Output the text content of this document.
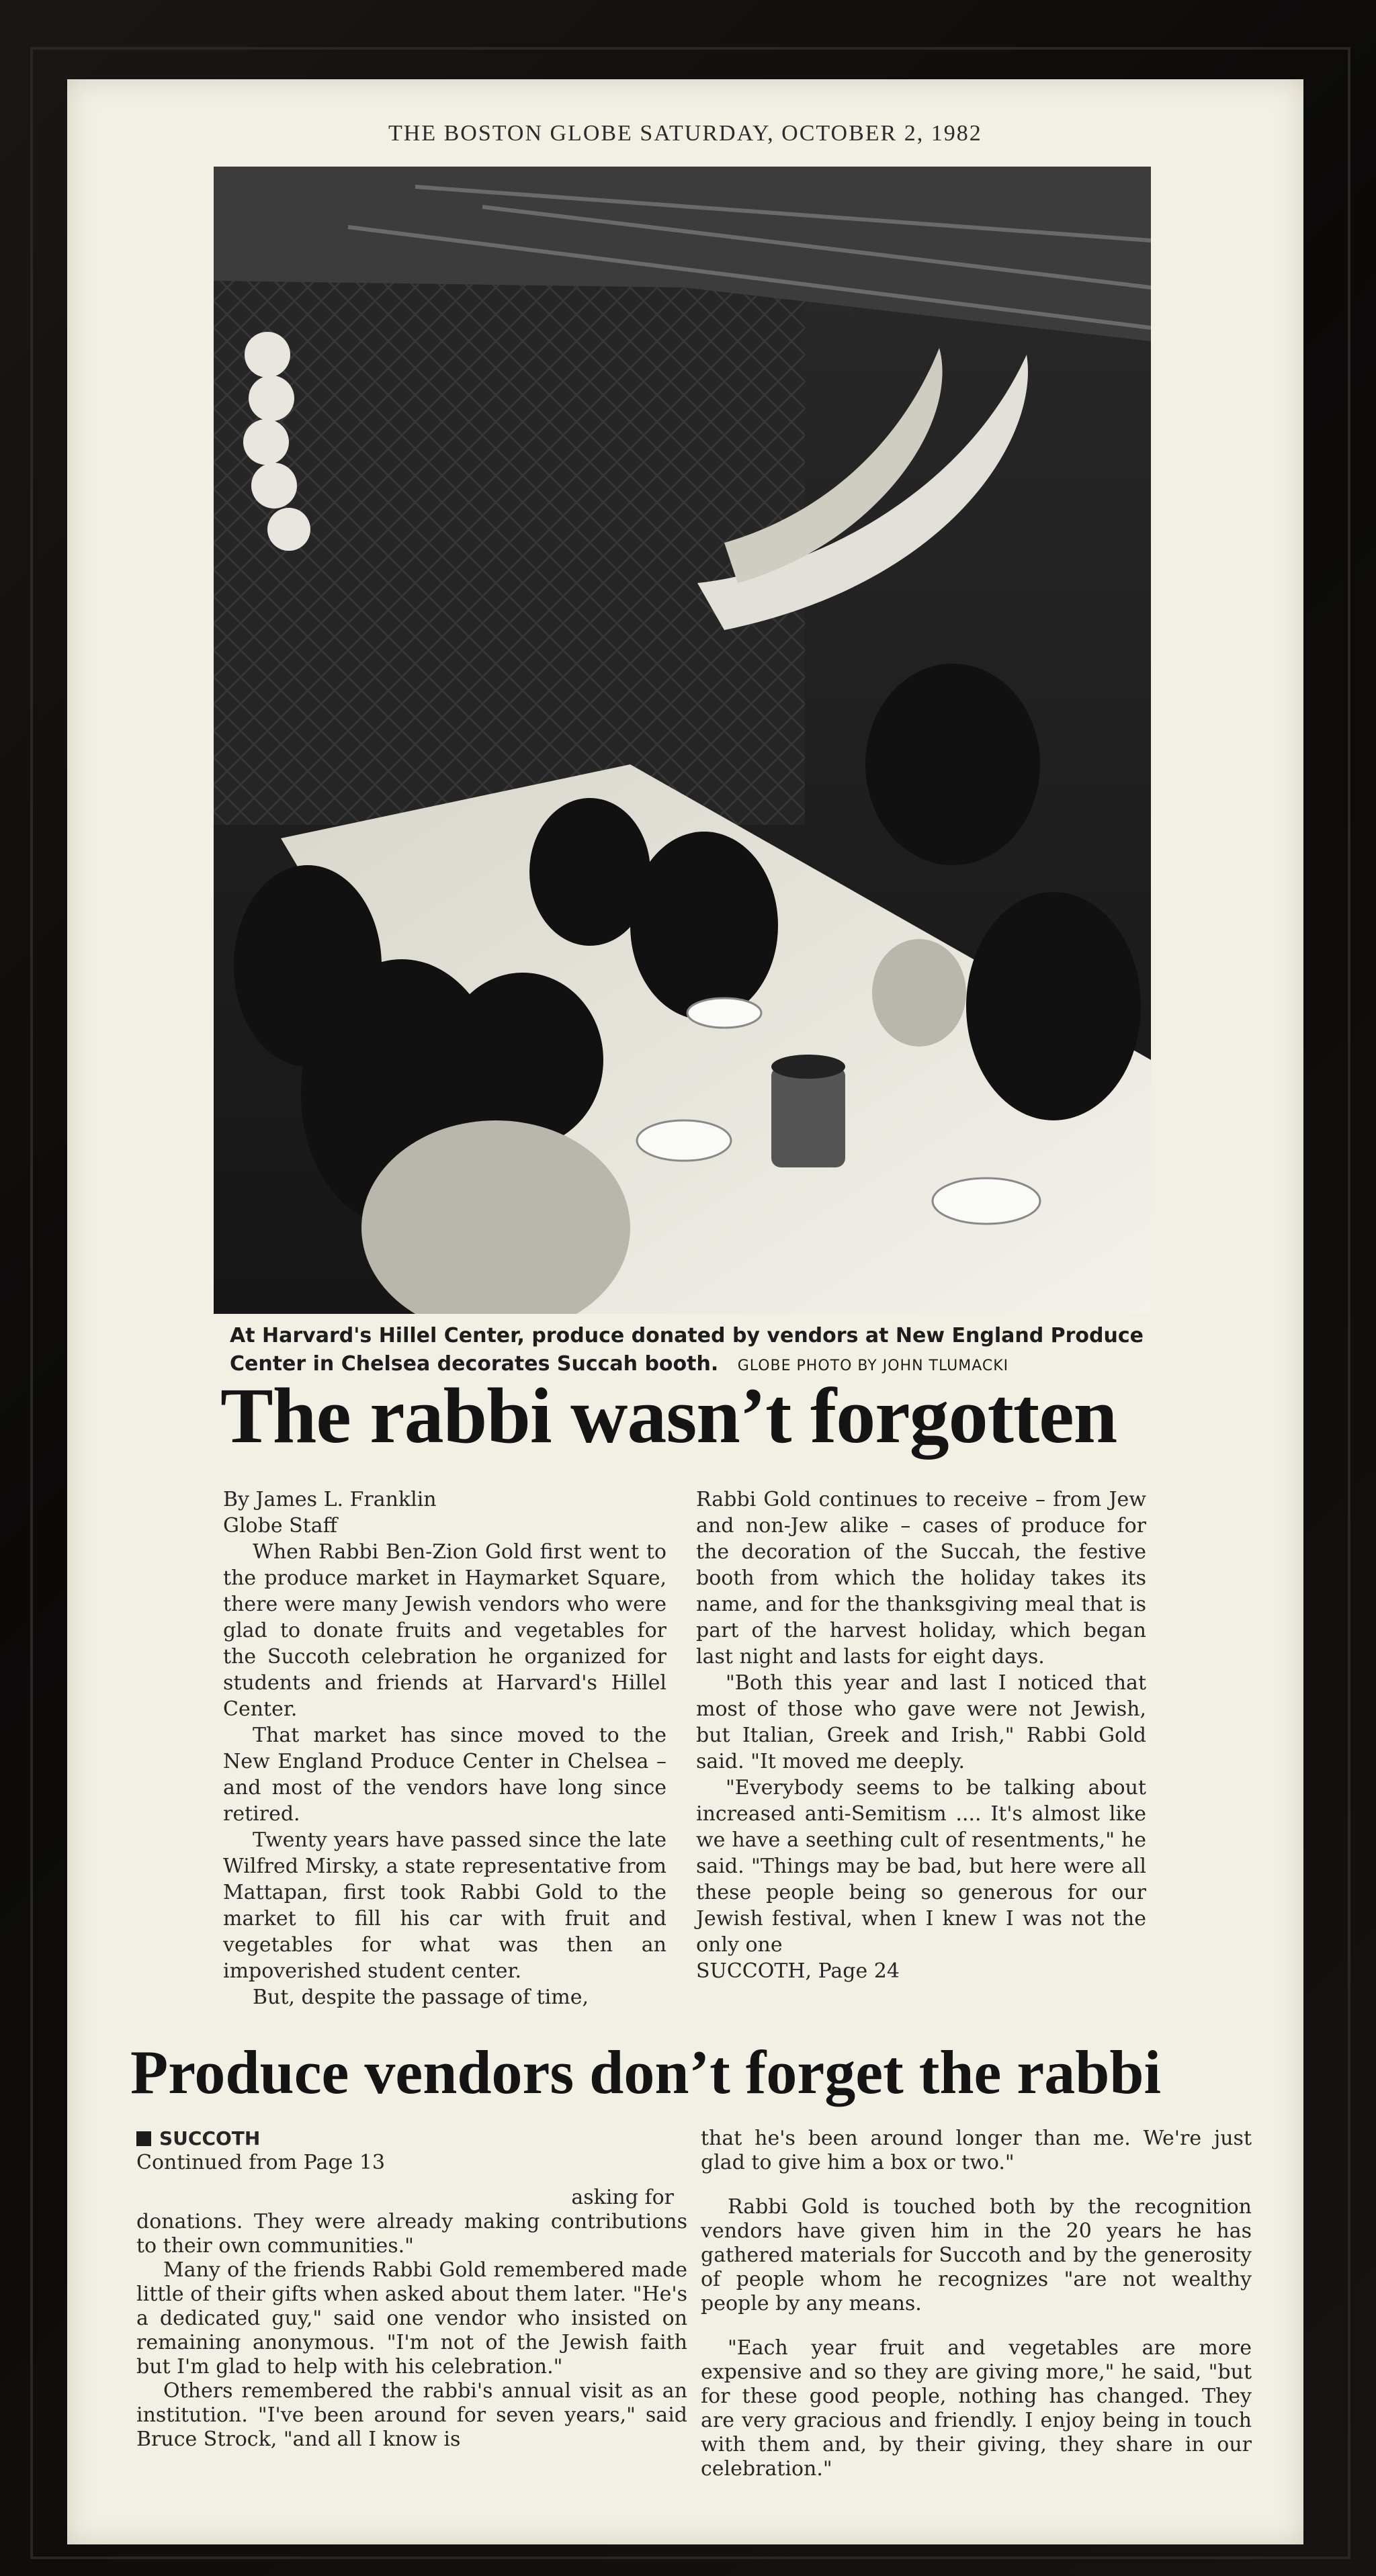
THE BOSTON GLOBE SATURDAY, OCTOBER 2, 1982
At Harvard's Hillel Center, produce donated by vendors at New England Produce Center in Chelsea decorates Succah booth. GLOBE PHOTO BY JOHN TLUMACKI
The rabbi wasn’t forgotten

By James L. Franklin

Globe Staff

When Rabbi Ben-Zion Gold first went to the produce market in Haymarket Square, there were many Jewish vendors who were glad to donate fruits and vegetables for the Succoth celebration he organized for students and friends at Harvard's Hillel Center.

That market has since moved to the New England Produce Center in Chelsea – and most of the vendors have long since retired.

Twenty years have passed since the late Wilfred Mirsky, a state representative from Mattapan, first took Rabbi Gold to the market to fill his car with fruit and vegetables for what was then an impoverished student center.

But, despite the passage of time,

Rabbi Gold continues to receive – from Jew and non-Jew alike – cases of produce for the decoration of the Succah, the festive booth from which the holiday takes its name, and for the thanksgiving meal that is part of the harvest holiday, which began last night and lasts for eight days.

"Both this year and last I noticed that most of those who gave were not Jewish, but Italian, Greek and Irish," Rabbi Gold said. "It moved me deeply.

"Everybody seems to be talking about increased anti-Semitism .... It's almost like we have a seething cult of resentments," he said. "Things may be bad, but here were all these people being so generous for our Jewish festival, when I knew I was not the only one

SUCCOTH, Page 24

Produce vendors don’t forget the rabbi

SUCCOTH

Continued from Page 13

asking for

donations. They were already making contributions to their own communities."

Many of the friends Rabbi Gold remembered made little of their gifts when asked about them later. "He's a dedicated guy," said one vendor who insisted on remaining anonymous. "I'm not of the Jewish faith but I'm glad to help with his celebration."

Others remembered the rabbi's annual visit as an institution. "I've been around for seven years," said Bruce Strock, "and all I know is

that he's been around longer than me. We're just glad to give him a box or two."

Rabbi Gold is touched both by the recognition vendors have given him in the 20 years he has gathered materials for Succoth and by the generosity of people whom he recognizes "are not wealthy people by any means.

"Each year fruit and vegetables are more expensive and so they are giving more," he said, "but for these good people, nothing has changed. They are very gracious and friendly. I enjoy being in touch with them and, by their giving, they share in our celebration."
